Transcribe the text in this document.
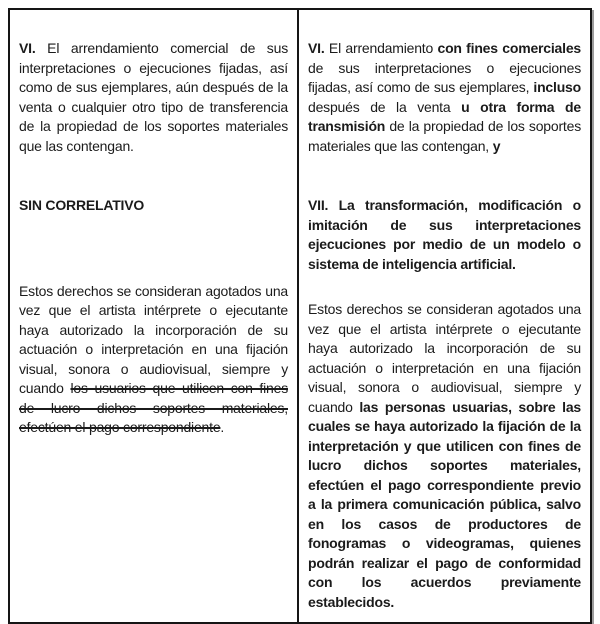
VI. El arrendamiento comercial de sus interpretaciones o ejecuciones fijadas, así como de sus ejemplares, aún después de la venta o cualquier otro tipo de transferencia de la propiedad de los soportes materiales que las contengan.

SIN CORRELATIVO

Estos derechos se consideran agotados una vez que el artista intérprete o ejecutante haya autorizado la incorporación de su actuación o interpretación en una fijación visual, sonora o audiovisual, siempre y cuando los usuarios que utilicen con fines de lucro dichos soportes materiales, efectúen el pago correspondiente.

VI. El arrendamiento con fines comerciales de sus interpretaciones o ejecuciones fijadas, así como de sus ejemplares, incluso después de la venta u otra forma de transmisión de la propiedad de los soportes materiales que las contengan, y

VII. La transformación, modificación o imitación de sus interpretaciones ejecuciones por medio de un modelo o sistema de inteligencia artificial.

Estos derechos se consideran agotados una vez que el artista intérprete o ejecutante haya autorizado la incorporación de su actuación o interpretación en una fijación visual, sonora o audiovisual, siempre y cuando las personas usuarias, sobre las cuales se haya autorizado la fijación de la interpretación y que utilicen con fines de lucro dichos soportes materiales, efectúen el pago correspondiente previo a la primera comunicación pública, salvo en los casos de productores de fonogramas o videogramas, quienes podrán realizar el pago de conformidad con los acuerdos previamente establecidos.
